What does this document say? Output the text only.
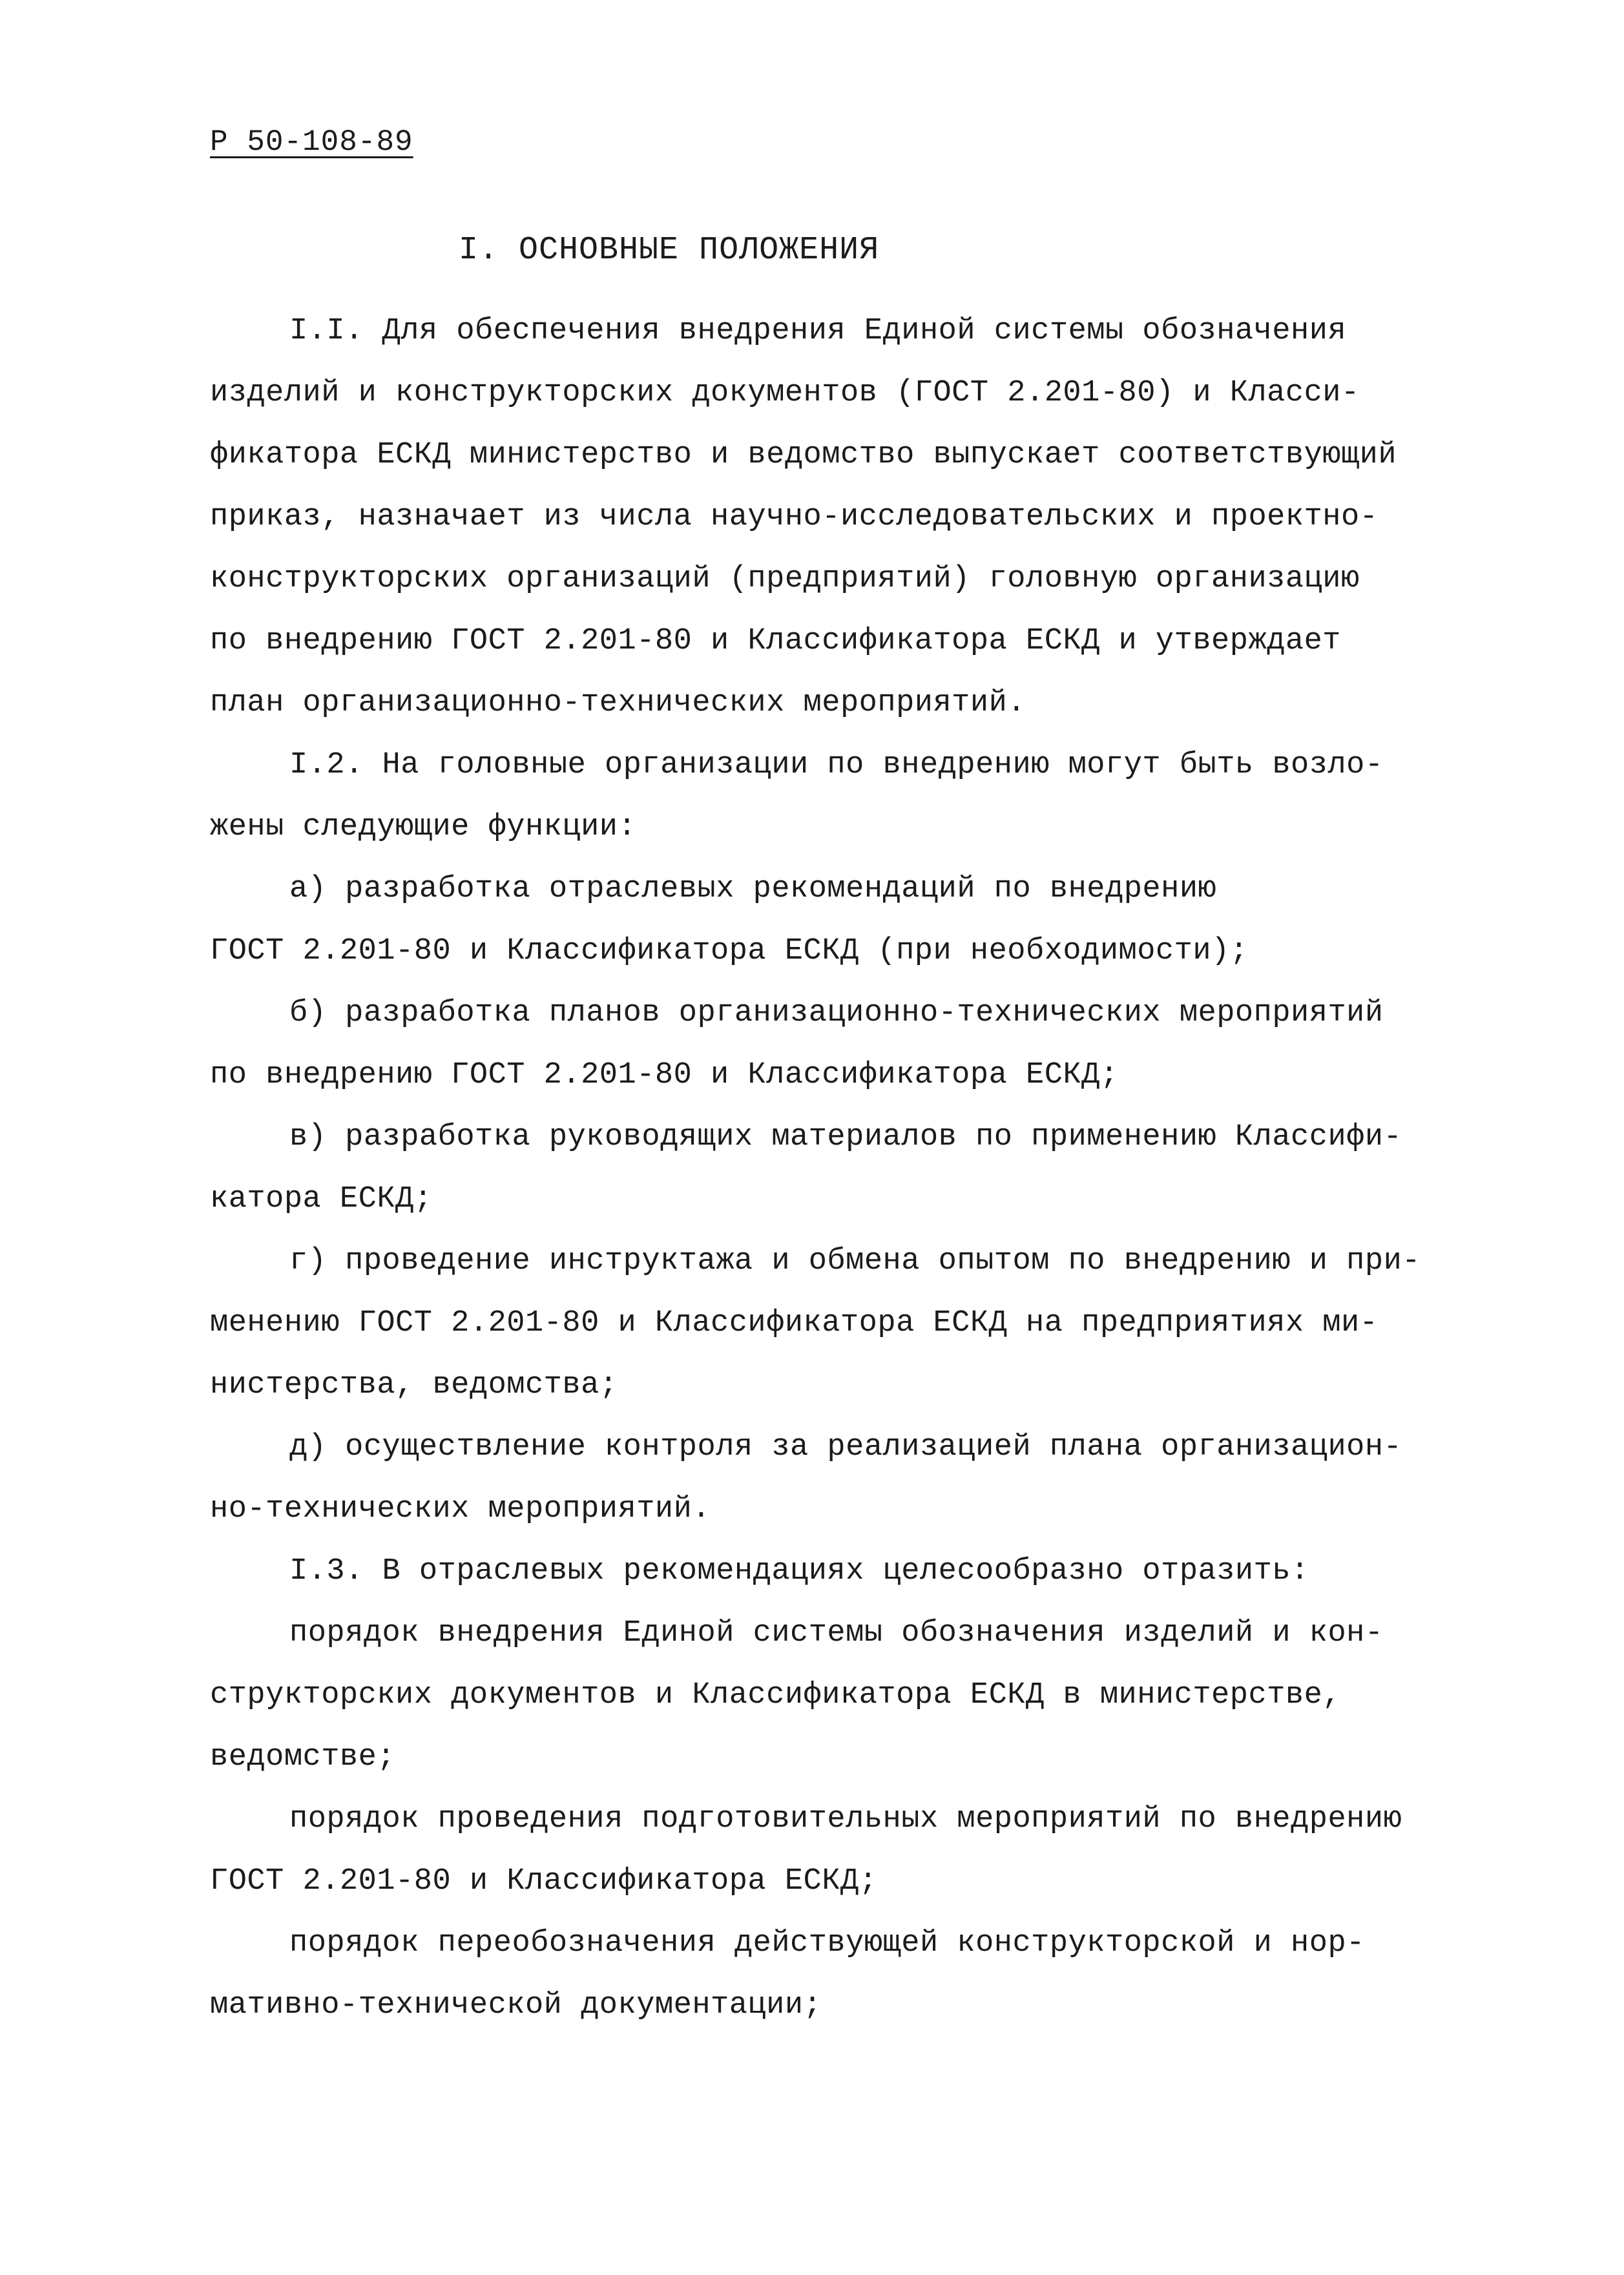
Р 50-108-89
I. ОСНОВНЫЕ ПОЛОЖЕНИЯ
I.I. Для обеспечения внедрения Единой системы обозначения
изделий и конструкторских документов (ГОСТ 2.201-80) и Класси-
фикатора ЕСКД министерство и ведомство выпускает соответствующий
приказ, назначает из числа научно-исследовательских и проектно-
конструкторских организаций (предприятий) головную организацию
по внедрению ГОСТ 2.201-80 и Классификатора ЕСКД и утверждает
план организационно-технических мероприятий.
I.2. На головные организации по внедрению могут быть возло-
жены следующие функции:
а) разработка отраслевых рекомендаций по внедрению
ГОСТ 2.201-80 и Классификатора ЕСКД (при необходимости);
б) разработка планов организационно-технических мероприятий
по внедрению ГОСТ 2.201-80 и Классификатора ЕСКД;
в) разработка руководящих материалов по применению Классифи-
катора ЕСКД;
г) проведение инструктажа и обмена опытом по внедрению и при-
менению ГОСТ 2.201-80 и Классификатора ЕСКД на предприятиях ми-
нистерства, ведомства;
д) осуществление контроля за реализацией плана организацион-
но-технических мероприятий.
I.3. В отраслевых рекомендациях целесообразно отразить:
порядок внедрения Единой системы обозначения изделий и кон-
структорских документов и Классификатора ЕСКД в министерстве,
ведомстве;
порядок проведения подготовительных мероприятий по внедрению
ГОСТ 2.201-80 и Классификатора ЕСКД;
порядок переобозначения действующей конструкторской и нор-
мативно-технической документации;
